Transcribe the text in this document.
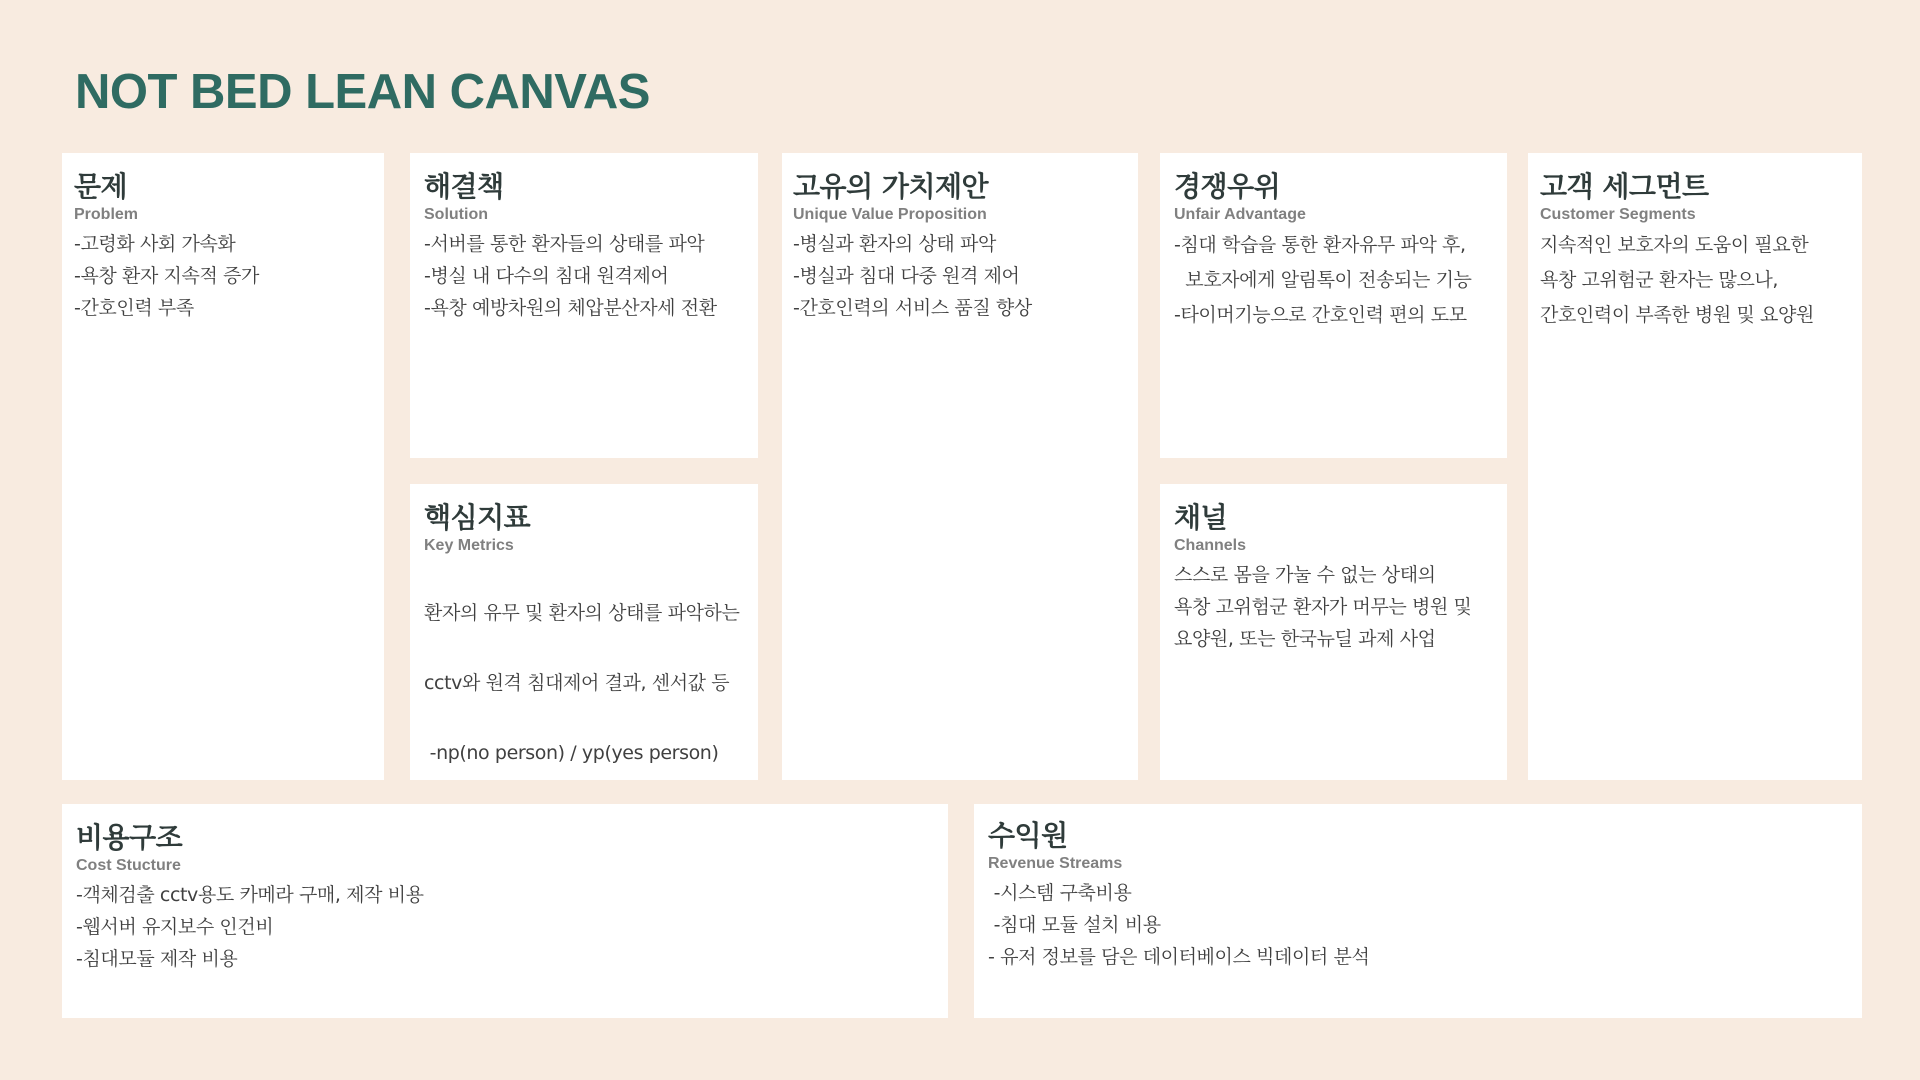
NOT BED LEAN CANVAS
문제
Problem
-고령화 사회 가속화
-욕창 환자 지속적 증가
-간호인력 부족
해결책
Solution
-서버를 통한 환자들의 상태를 파악
-병실 내 다수의 침대 원격제어
-욕창 예방차원의 체압분산자세 전환
핵심지표
Key Metrics

환자의 유무 및 환자의 상태를 파악하는

cctv와 원격 침대제어 결과, 센서값 등

-np(no person) / yp(yes person)

고유의 가치제안
Unique Value Proposition
-병실과 환자의 상태 파악
-병실과 침대 다중 원격 제어
-간호인력의 서비스 품질 향상
경쟁우위
Unfair Advantage
-침대 학습을 통한 환자유무 파악 후,
보호자에게 알림톡이 전송되는 기능
-타이머기능으로 간호인력 편의 도모
채널
Channels
스스로 몸을 가눌 수 없는 상태의
욕창 고위험군 환자가 머무는 병원 및
요양원, 또는 한국뉴딜 과제 사업
고객 세그먼트
Customer Segments
지속적인 보호자의 도움이 필요한
욕창 고위험군 환자는 많으나,
간호인력이 부족한 병원 및 요양원
비용구조
Cost Stucture
-객체검출 cctv용도 카메라 구매, 제작 비용
-웹서버 유지보수 인건비
-침대모듈 제작 비용
수익원
Revenue Streams
-시스템 구축비용
-침대 모듈 설치 비용
- 유저 정보를 담은 데이터베이스 빅데이터 분석
